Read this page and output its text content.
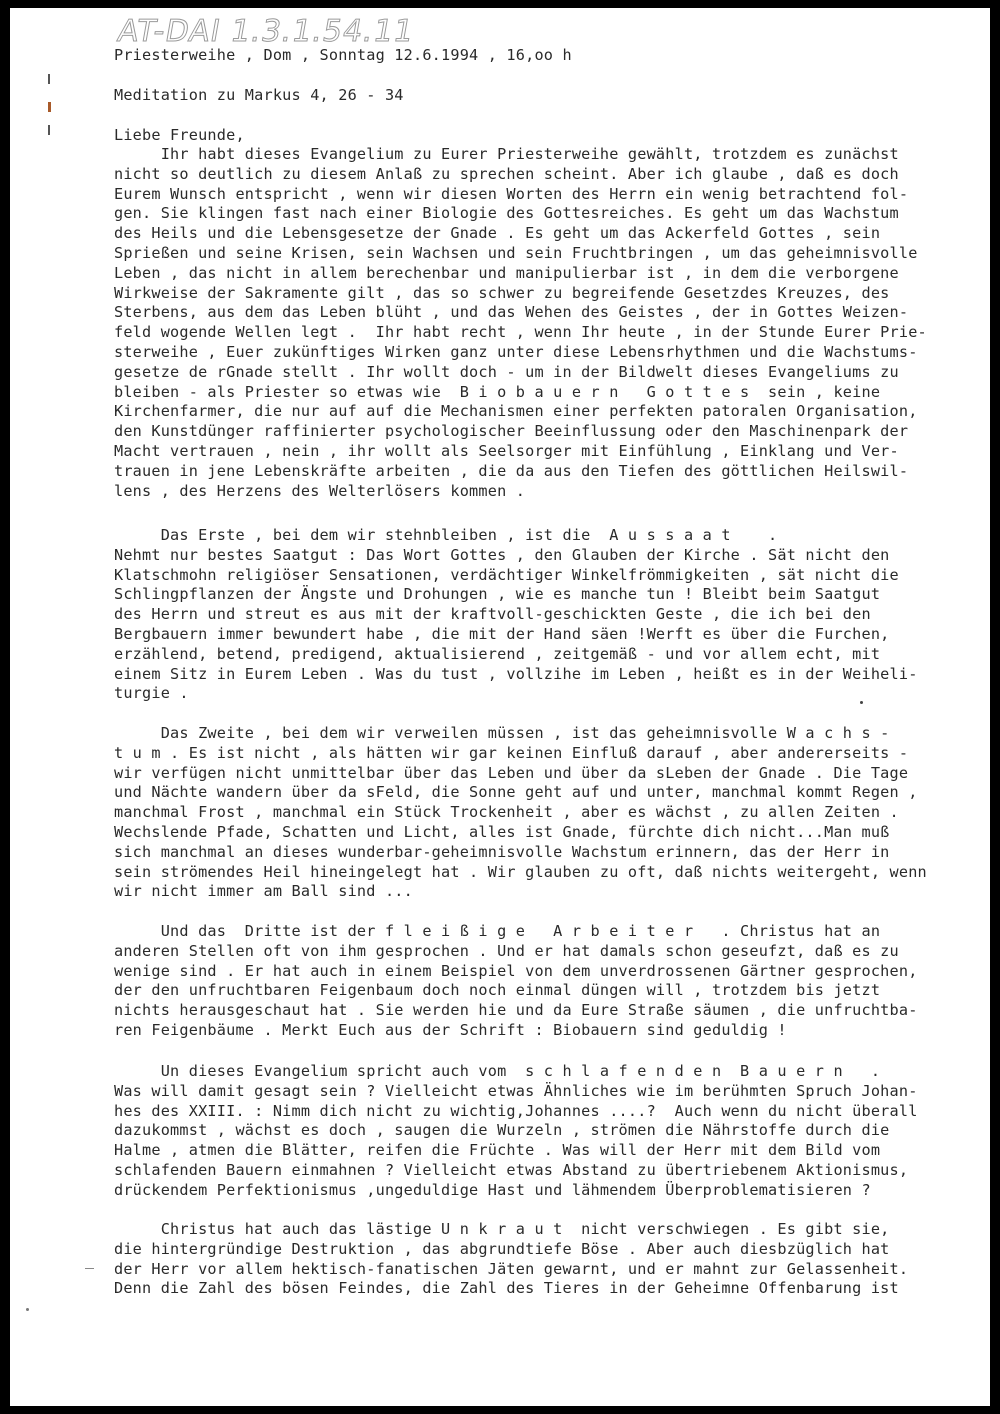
AT-DAI 1.3.1.54.11
Priesterweihe , Dom , Sonntag 12.6.1994 , 16,oo h
Meditation zu Markus 4, 26 - 34
Liebe Freunde,
Ihr habt dieses Evangelium zu Eurer Priesterweihe gewählt, trotzdem es zunächst
nicht so deutlich zu diesem Anlaß zu sprechen scheint. Aber ich glaube , daß es doch
Eurem Wunsch entspricht , wenn wir diesen Worten des Herrn ein wenig betrachtend fol-
gen. Sie klingen fast nach einer Biologie des Gottesreiches. Es geht um das Wachstum
des Heils und die Lebensgesetze der Gnade . Es geht um das Ackerfeld Gottes , sein
Sprießen und seine Krisen, sein Wachsen und sein Fruchtbringen , um das geheimnisvolle
Leben , das nicht in allem berechenbar und manipulierbar ist , in dem die verborgene
Wirkweise der Sakramente gilt , das so schwer zu begreifende Gesetzdes Kreuzes, des
Sterbens, aus dem das Leben blüht , und das Wehen des Geistes , der in Gottes Weizen-
feld wogende Wellen legt .  Ihr habt recht , wenn Ihr heute , in der Stunde Eurer Prie-
sterweihe , Euer zukünftiges Wirken ganz unter diese Lebensrhythmen und die Wachstums-
gesetze de rGnade stellt . Ihr wollt doch - um in der Bildwelt dieses Evangeliums zu
bleiben - als Priester so etwas wie  B i o b a u e r n   G o t t e s  sein , keine
Kirchenfarmer, die nur auf auf die Mechanismen einer perfekten patoralen Organisation,
den Kunstdünger raffinierter psychologischer Beeinflussung oder den Maschinenpark der
Macht vertrauen , nein , ihr wollt als Seelsorger mit Einfühlung , Einklang und Ver-
trauen in jene Lebenskräfte arbeiten , die da aus den Tiefen des göttlichen Heilswil-
lens , des Herzens des Welterlösers kommen .
Das Erste , bei dem wir stehnbleiben , ist die  A u s s a a t    .
Nehmt nur bestes Saatgut : Das Wort Gottes , den Glauben der Kirche . Sät nicht den
Klatschmohn religiöser Sensationen, verdächtiger Winkelfrömmigkeiten , sät nicht die
Schlingpflanzen der Ängste und Drohungen , wie es manche tun ! Bleibt beim Saatgut
des Herrn und streut es aus mit der kraftvoll-geschickten Geste , die ich bei den
Bergbauern immer bewundert habe , die mit der Hand säen !Werft es über die Furchen,
erzählend, betend, predigend, aktualisierend , zeitgemäß - und vor allem echt, mit
einem Sitz in Eurem Leben . Was du tust , vollzihe im Leben , heißt es in der Weiheli-
turgie .
Das Zweite , bei dem wir verweilen müssen , ist das geheimnisvolle W a c h s -
t u m . Es ist nicht , als hätten wir gar keinen Einfluß darauf , aber andererseits -
wir verfügen nicht unmittelbar über das Leben und über da sLeben der Gnade . Die Tage
und Nächte wandern über da sFeld, die Sonne geht auf und unter, manchmal kommt Regen ,
manchmal Frost , manchmal ein Stück Trockenheit , aber es wächst , zu allen Zeiten .
Wechslende Pfade, Schatten und Licht, alles ist Gnade, fürchte dich nicht...Man muß
sich manchmal an dieses wunderbar-geheimnisvolle Wachstum erinnern, das der Herr in
sein strömendes Heil hineingelegt hat . Wir glauben zu oft, daß nichts weitergeht, wenn
wir nicht immer am Ball sind ...
Und das  Dritte ist der f l e i ß i g e   A r b e i t e r   . Christus hat an
anderen Stellen oft von ihm gesprochen . Und er hat damals schon geseufzt, daß es zu
wenige sind . Er hat auch in einem Beispiel von dem unverdrossenen Gärtner gesprochen,
der den unfruchtbaren Feigenbaum doch noch einmal düngen will , trotzdem bis jetzt
nichts herausgeschaut hat . Sie werden hie und da Eure Straße säumen , die unfruchtba-
ren Feigenbäume . Merkt Euch aus der Schrift : Biobauern sind geduldig !
Un dieses Evangelium spricht auch vom  s c h l a f e n d e n  B a u e r n   .
Was will damit gesagt sein ? Vielleicht etwas Ähnliches wie im berühmten Spruch Johan-
hes des XXIII. : Nimm dich nicht zu wichtig,Johannes ....?  Auch wenn du nicht überall
dazukommst , wächst es doch , saugen die Wurzeln , strömen die Nährstoffe durch die
Halme , atmen die Blätter, reifen die Früchte . Was will der Herr mit dem Bild vom
schlafenden Bauern einmahnen ? Vielleicht etwas Abstand zu übertriebenem Aktionismus,
drückendem Perfektionismus ,ungeduldige Hast und lähmendem Überproblematisieren ?
Christus hat auch das lästige U n k r a u t  nicht verschwiegen . Es gibt sie,
die hintergründige Destruktion , das abgrundtiefe Böse . Aber auch diesbzüglich hat
der Herr vor allem hektisch-fanatischen Jäten gewarnt, und er mahnt zur Gelassenheit.
Denn die Zahl des bösen Feindes, die Zahl des Tieres in der Geheimne Offenbarung ist
